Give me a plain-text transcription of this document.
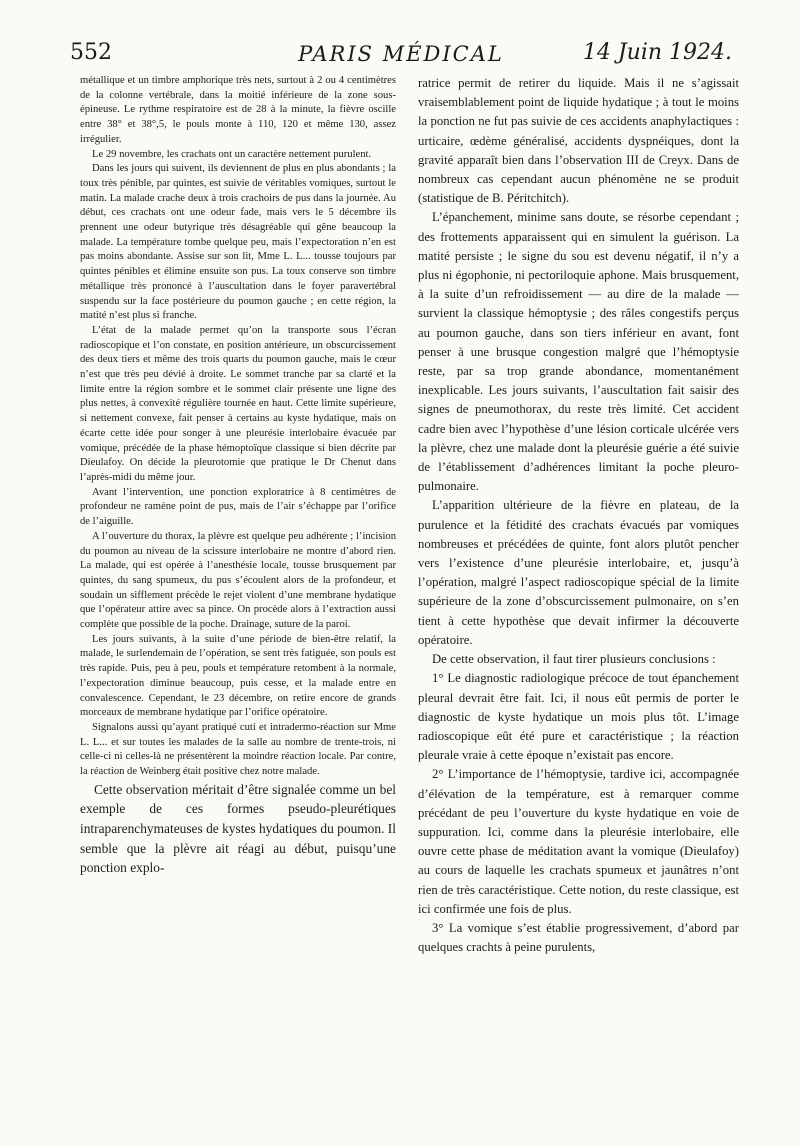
552	PARIS MÉDICAL	14 Juin 1924.

métallique et un timbre amphorique très nets, surtout à 2 ou 4 centimètres de la colonne vertébrale, dans la moitié inférieure de la zone sous-épineuse. Le rythme respiratoire est de 28 à la minute, la fièvre oscille entre 38° et 38°,5, le pouls monte à 110, 120 et même 130, assez irrégulier.

Le 29 novembre, les crachats ont un caractère nettement purulent.

Dans les jours qui suivent, ils deviennent de plus en plus abondants ; la toux très pénible, par quintes, est suivie de véritables vomiques, surtout le matin. La malade crache deux à trois crachoirs de pus dans la journée. Au début, ces crachats ont une odeur fade, mais vers le 5 décembre ils prennent une odeur butyrique très désagréable qui gêne beaucoup la malade. La température tombe quelque peu, mais l’expectoration n’en est pas moins abondante. Assise sur son lit, Mme L. L... tousse toujours par quintes pénibles et élimine ensuite son pus. La toux conserve son timbre métallique très prononcé à l’auscultation dans le foyer paravertébral suspendu sur la face postérieure du poumon gauche ; en cette région, la matité n’est plus si franche.

L’état de la malade permet qu’on la transporte sous l’écran radioscopique et l’on constate, en position antérieure, un obscurcissement des deux tiers et même des trois quarts du poumon gauche, mais le cœur n’est que très peu dévié à droite. Le sommet tranche par sa clarté et la limite entre la région sombre et le sommet clair présente une ligne des plus nettes, à convexité régulière tournée en haut. Cette limite supérieure, si nettement convexe, fait penser à certains au kyste hydatique, mais on écarte cette idée pour songer à une pleurésie interlobaire évacuée par vomique, précédée de la phase hémoptoïque classique si bien décrite par Dieulafoy. On décide la pleurotomie que pratique le Dr Chenut dans l’après-midi du même jour.

Avant l’intervention, une ponction exploratrice à 8 centimètres de profondeur ne ramène point de pus, mais de l’air s’échappe par l’orifice de l’aiguille.

A l’ouverture du thorax, la plèvre est quelque peu adhérente ; l’incision du poumon au niveau de la scissure interlobaire ne montre d’abord rien. La malade, qui est opérée à l’anesthésie locale, tousse brusquement par quintes, du sang spumeux, du pus s’écoulent alors de la profondeur, et soudain un sifflement précède le rejet violent d’une membrane hydatique que l’opérateur attire avec sa pince. On procède alors à l’extraction aussi complète que possible de la poche. Drainage, suture de la paroi.

Les jours suivants, à la suite d’une période de bien-être relatif, la malade, le surlendemain de l’opération, se sent très fatiguée, son pouls est très rapide. Puis, peu à peu, pouls et température retombent à la normale, l’expectoration diminue beaucoup, puis cesse, et la malade entre en convalescence. Cependant, le 23 décembre, on retire encore de grands morceaux de membrane hydatique par l’orifice opératoire.

Signalons aussi qu’ayant pratiqué cuti et intradermo-réaction sur Mme L. L... et sur toutes les malades de la salle au nombre de trente-trois, ni celle-ci ni celles-là ne présentèrent la moindre réaction locale. Par contre, la réaction de Weinberg était positive chez notre malade.

Cette observation méritait d’être signalée comme un bel exemple de ces formes pseudo-pleurétiques intraparenchymateuses de kystes hydatiques du poumon. Il semble que la plèvre ait réagi au début, puisqu’une ponction explo-

ratrice permit de retirer du liquide. Mais il ne s’agissait vraisemblablement point de liquide hydatique ; à tout le moins la ponction ne fut pas suivie de ces accidents anaphylactiques : urticaire, œdème généralisé, accidents dyspnéiques, dont la gravité apparaît bien dans l’observation III de Creyx. Dans de nombreux cas cependant aucun phénomène ne se produit (statistique de B. Péritchitch).

L’épanchement, minime sans doute, se résorbe cependant ; des frottements apparaissent qui en simulent la guérison. La matité persiste ; le signe du sou est devenu négatif, il n’y a plus ni égophonie, ni pectoriloquie aphone. Mais brusquement, à la suite d’un refroidissement — au dire de la malade — survient la classique hémoptysie ; des râles congestifs perçus au poumon gauche, dans son tiers inférieur en avant, font penser à une brusque congestion malgré que l’hémoptysie reste, par sa trop grande abondance, momentanément inexplicable. Les jours suivants, l’auscultation fait saisir des signes de pneumothorax, du reste très limité. Cet accident cadre bien avec l’hypothèse d’une lésion corticale ulcérée vers la plèvre, chez une malade dont la pleurésie guérie a été suivie de l’établissement d’adhérences limitant la poche pleuro-pulmonaire.

L’apparition ultérieure de la fièvre en plateau, de la purulence et la fétidité des crachats évacués par vomiques nombreuses et précédées de quinte, font alors plutôt pencher vers l’existence d’une pleurésie interlobaire, et, jusqu’à l’opération, malgré l’aspect radioscopique spécial de la limite supérieure de la zone d’obscurcissement pulmonaire, on s’en tient à cette hypothèse que devait infirmer la découverte opératoire.

De cette observation, il faut tirer plusieurs conclusions :

1° Le diagnostic radiologique précoce de tout épanchement pleural devrait être fait. Ici, il nous eût permis de porter le diagnostic de kyste hydatique un mois plus tôt. L’image radioscopique eût été pure et caractéristique ; la réaction pleurale vraie à cette époque n’existait pas encore.

2° L’importance de l’hémoptysie, tardive ici, accompagnée d’élévation de la température, est à remarquer comme précédant de peu l’ouverture du kyste hydatique en voie de suppuration. Ici, comme dans la pleurésie interlobaire, elle ouvre cette phase de méditation avant la vomique (Dieulafoy) au cours de laquelle les crachats spumeux et jaunâtres n’ont rien de très caractéristique. Cette notion, du reste classique, est ici confirmée une fois de plus.

3° La vomique s’est établie progressivement, d’abord par quelques crachts à peine purulents,
